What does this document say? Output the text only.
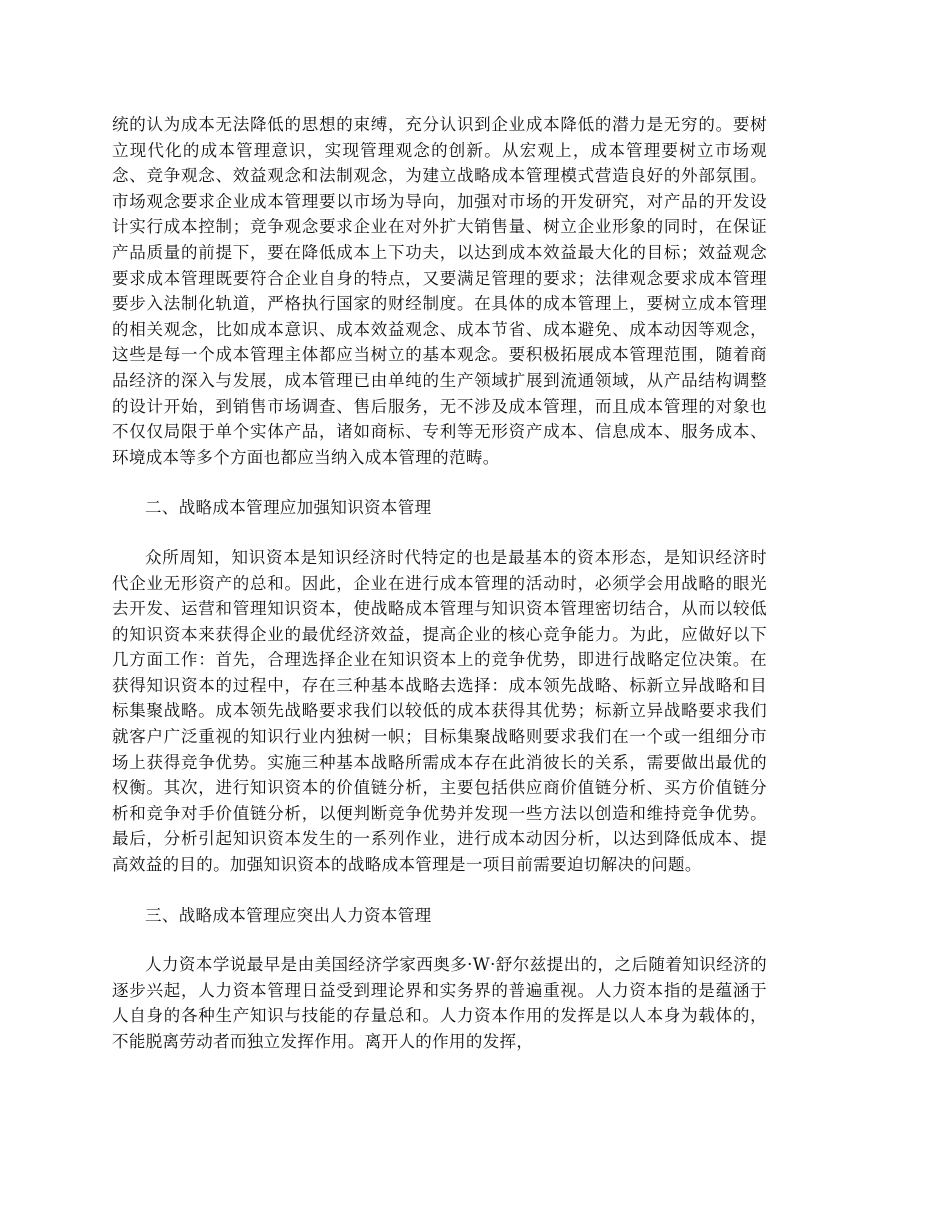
统的认为成本无法降低的思想的束缚，充分认识到企业成本降低的潜力是无穷的。要树立现代化的成本管理意识，实现管理观念的创新。从宏观上，成本管理要树立市场观念、竞争观念、效益观念和法制观念，为建立战略成本管理模式营造良好的外部氛围。市场观念要求企业成本管理要以市场为导向，加强对市场的开发研究，对产品的开发设计实行成本控制；竞争观念要求企业在对外扩大销售量、树立企业形象的同时，在保证产品质量的前提下，要在降低成本上下功夫，以达到成本效益最大化的目标；效益观念要求成本管理既要符合企业自身的特点，又要满足管理的要求；法律观念要求成本管理要步入法制化轨道，严格执行国家的财经制度。在具体的成本管理上，要树立成本管理的相关观念，比如成本意识、成本效益观念、成本节省、成本避免、成本动因等观念，这些是每一个成本管理主体都应当树立的基本观念。要积极拓展成本管理范围，随着商品经济的深入与发展，成本管理已由单纯的生产领域扩展到流通领域，从产品结构调整的设计开始，到销售市场调查、售后服务，无不涉及成本管理，而且成本管理的对象也不仅仅局限于单个实体产品，诸如商标、专利等无形资产成本、信息成本、服务成本、环境成本等多个方面也都应当纳入成本管理的范畴。

二、战略成本管理应加强知识资本管理

众所周知，知识资本是知识经济时代特定的也是最基本的资本形态，是知识经济时代企业无形资产的总和。因此，企业在进行成本管理的活动时，必须学会用战略的眼光去开发、运营和管理知识资本，使战略成本管理与知识资本管理密切结合，从而以较低的知识资本来获得企业的最优经济效益，提高企业的核心竞争能力。为此，应做好以下几方面工作：首先，合理选择企业在知识资本上的竞争优势，即进行战略定位决策。在获得知识资本的过程中，存在三种基本战略去选择：成本领先战略、标新立异战略和目标集聚战略。成本领先战略要求我们以较低的成本获得其优势；标新立异战略要求我们就客户广泛重视的知识行业内独树一帜；目标集聚战略则要求我们在一个或一组细分市场上获得竞争优势。实施三种基本战略所需成本存在此消彼长的关系，需要做出最优的权衡。其次，进行知识资本的价值链分析，主要包括供应商价值链分析、买方价值链分析和竞争对手价值链分析，以便判断竞争优势并发现一些方法以创造和维持竞争优势。最后，分析引起知识资本发生的一系列作业，进行成本动因分析，以达到降低成本、提高效益的目的。加强知识资本的战略成本管理是一项目前需要迫切解决的问题。

三、战略成本管理应突出人力资本管理

人力资本学说最早是由美国经济学家西奥多·W·舒尔兹提出的，之后随着知识经济的逐步兴起，人力资本管理日益受到理论界和实务界的普遍重视。人力资本指的是蕴涵于人自身的各种生产知识与技能的存量总和。人力资本作用的发挥是以人本身为载体的，不能脱离劳动者而独立发挥作用。离开人的作用的发挥，
